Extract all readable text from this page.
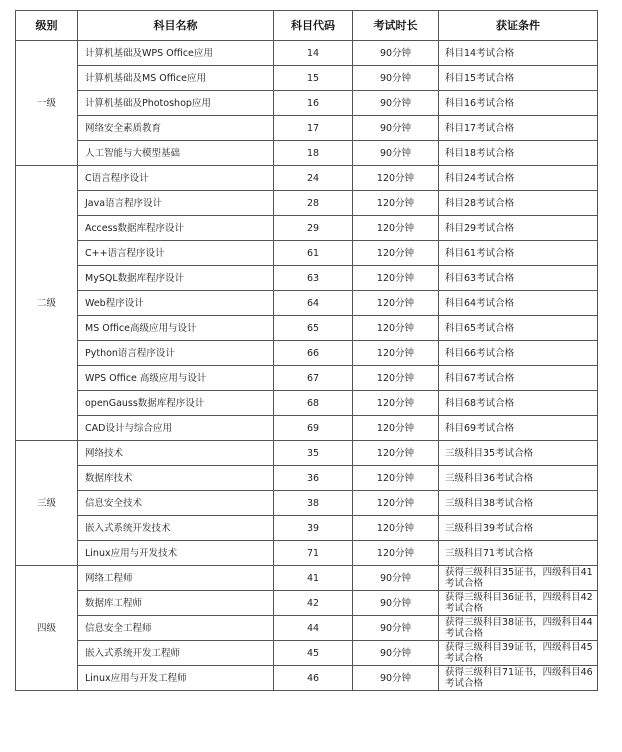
级别	科目名称	科目代码	考试时长	获证条件
一级	计算机基础及WPS Office应用	14	90分钟	科目14考试合格
	计算机基础及MS Office应用	15	90分钟	科目15考试合格
	计算机基础及Photoshop应用	16	90分钟	科目16考试合格
	网络安全素质教育	17	90分钟	科目17考试合格
	人工智能与大模型基础	18	90分钟	科目18考试合格
二级	C语言程序设计	24	120分钟	科目24考试合格
	Java语言程序设计	28	120分钟	科目28考试合格
	Access数据库程序设计	29	120分钟	科目29考试合格
	C++语言程序设计	61	120分钟	科目61考试合格
	MySQL数据库程序设计	63	120分钟	科目63考试合格
	Web程序设计	64	120分钟	科目64考试合格
	MS Office高级应用与设计	65	120分钟	科目65考试合格
	Python语言程序设计	66	120分钟	科目66考试合格
	WPS Office 高级应用与设计	67	120分钟	科目67考试合格
	openGauss数据库程序设计	68	120分钟	科目68考试合格
	CAD设计与综合应用	69	120分钟	科目69考试合格
三级	网络技术	35	120分钟	三级科目35考试合格
	数据库技术	36	120分钟	三级科目36考试合格
	信息安全技术	38	120分钟	三级科目38考试合格
	嵌入式系统开发技术	39	120分钟	三级科目39考试合格
	Linux应用与开发技术	71	120分钟	三级科目71考试合格
四级	网络工程师	41	90分钟	获得三级科目35证书，四级科目41考试合格
	数据库工程师	42	90分钟	获得三级科目36证书，四级科目42考试合格
	信息安全工程师	44	90分钟	获得三级科目38证书，四级科目44考试合格
	嵌入式系统开发工程师	45	90分钟	获得三级科目39证书，四级科目45考试合格
	Linux应用与开发工程师	46	90分钟	获得三级科目71证书，四级科目46考试合格
